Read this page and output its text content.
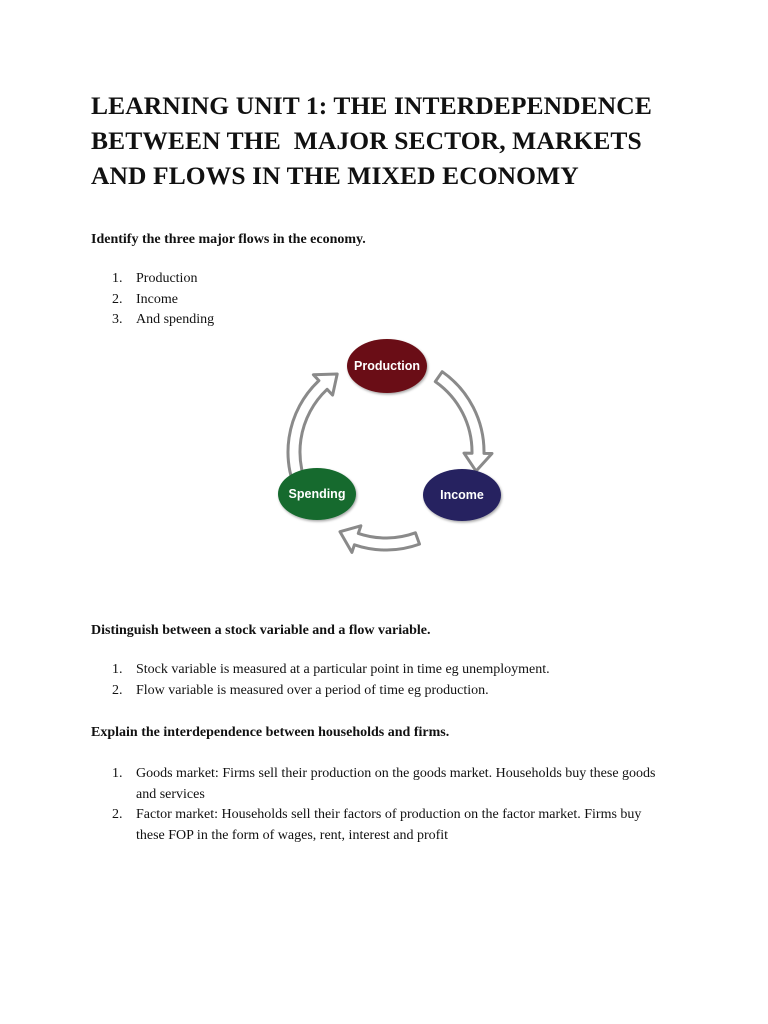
LEARNING UNIT 1: THE INTERDEPENDENCE
BETWEEN THE  MAJOR SECTOR, MARKETS
AND FLOWS IN THE MIXED ECONOMY

Identify the three major flows in the economy.

1. Production
2. Income
3. And spending
Production
Income
Spending

Distinguish between a stock variable and a flow variable.

1. Stock variable is measured at a particular point in time eg unemployment.
2. Flow variable is measured over a period of time eg production.

Explain the interdependence between households and firms.

1. Goods market: Firms sell their production on the goods market. Households buy these goods and services
2. Factor market: Households sell their factors of production on the factor market. Firms buy these FOP in the form of wages, rent, interest and profit
